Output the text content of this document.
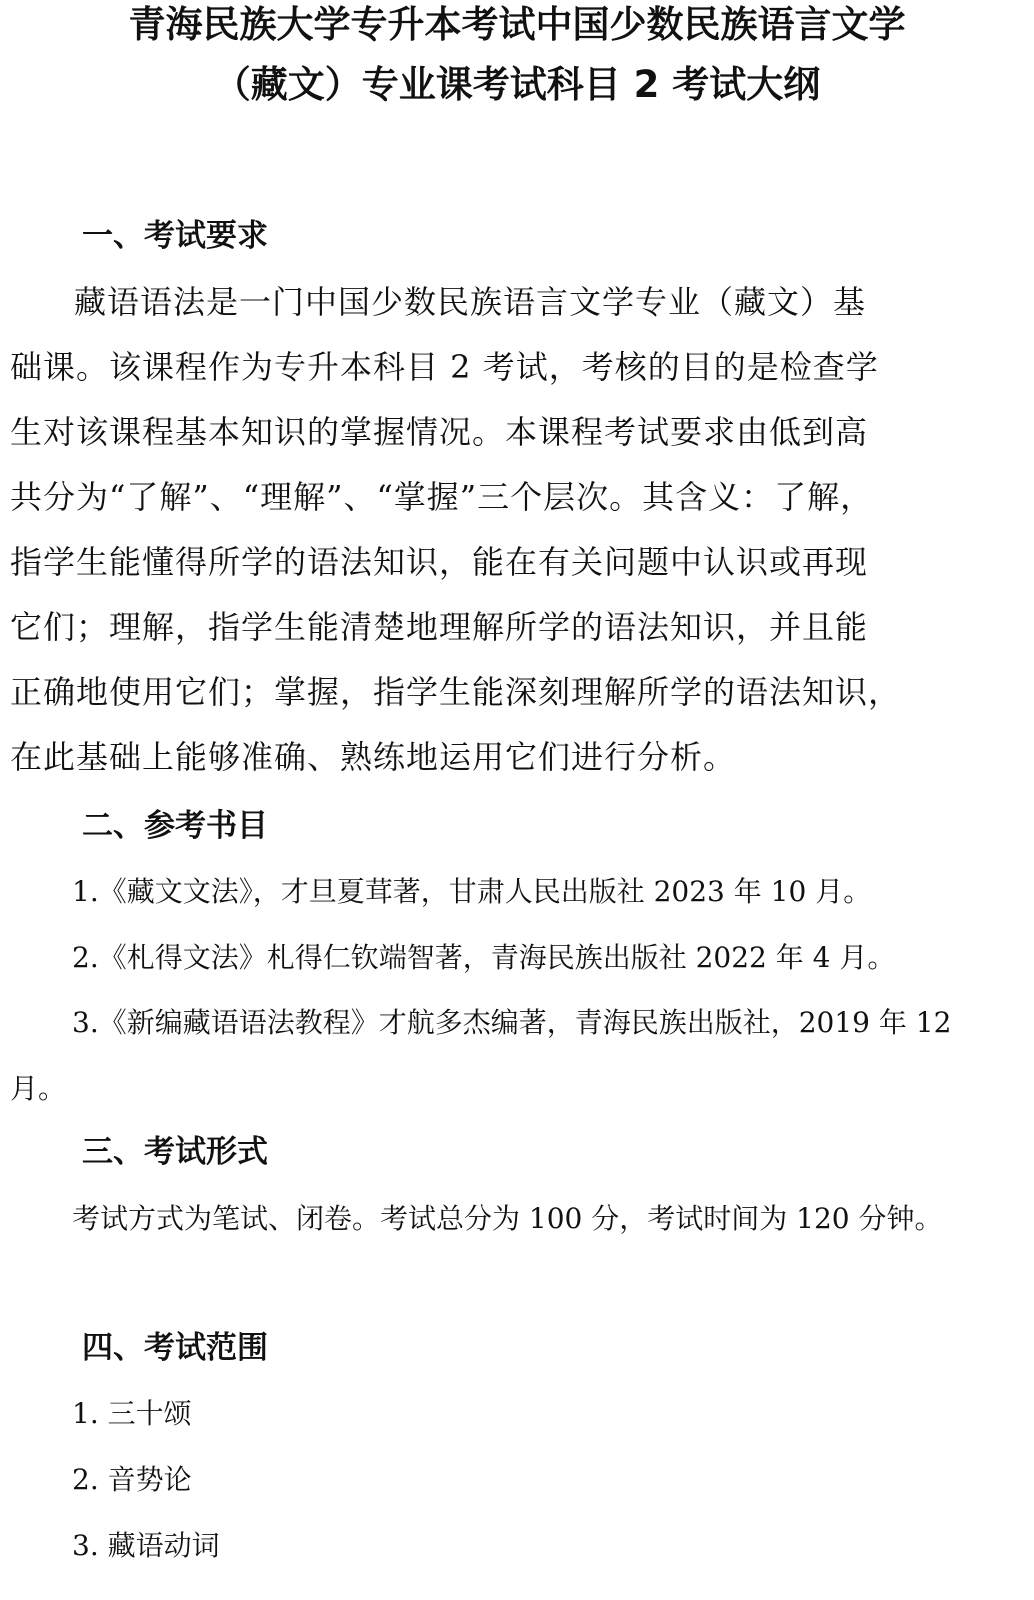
青海民族大学专升本考试中国少数民族语言文学
（藏文）专业课考试科目 2 考试大纲
一、考试要求

藏语语法是一门中国少数民族语言文学专业（藏文）基
础课。该课程作为专升本科目 2 考试，考核的目的是检查学
生对该课程基本知识的掌握情况。本课程考试要求由低到高
共分为“了解”、“理解”、“掌握”三个层次。其含义：了解，
指学生能懂得所学的语法知识，能在有关问题中认识或再现
它们；理解，指学生能清楚地理解所学的语法知识，并且能
正确地使用它们；掌握，指学生能深刻理解所学的语法知识，
在此基础上能够准确、熟练地运用它们进行分析。

二、参考书目

1.《藏文文法》，才旦夏茸著，甘肃人民出版社 2023 年 10 月。

2.《札得文法》札得仁钦端智著，青海民族出版社 2022 年 4 月。

3.《新编藏语语法教程》才航多杰编著，青海民族出版社，2019 年 12 月。

三、考试形式

考试方式为笔试、闭卷。考试总分为 100 分，考试时间为 120 分钟。

四、考试范围

1. 三十颂

2. 音势论

3. 藏语动词
